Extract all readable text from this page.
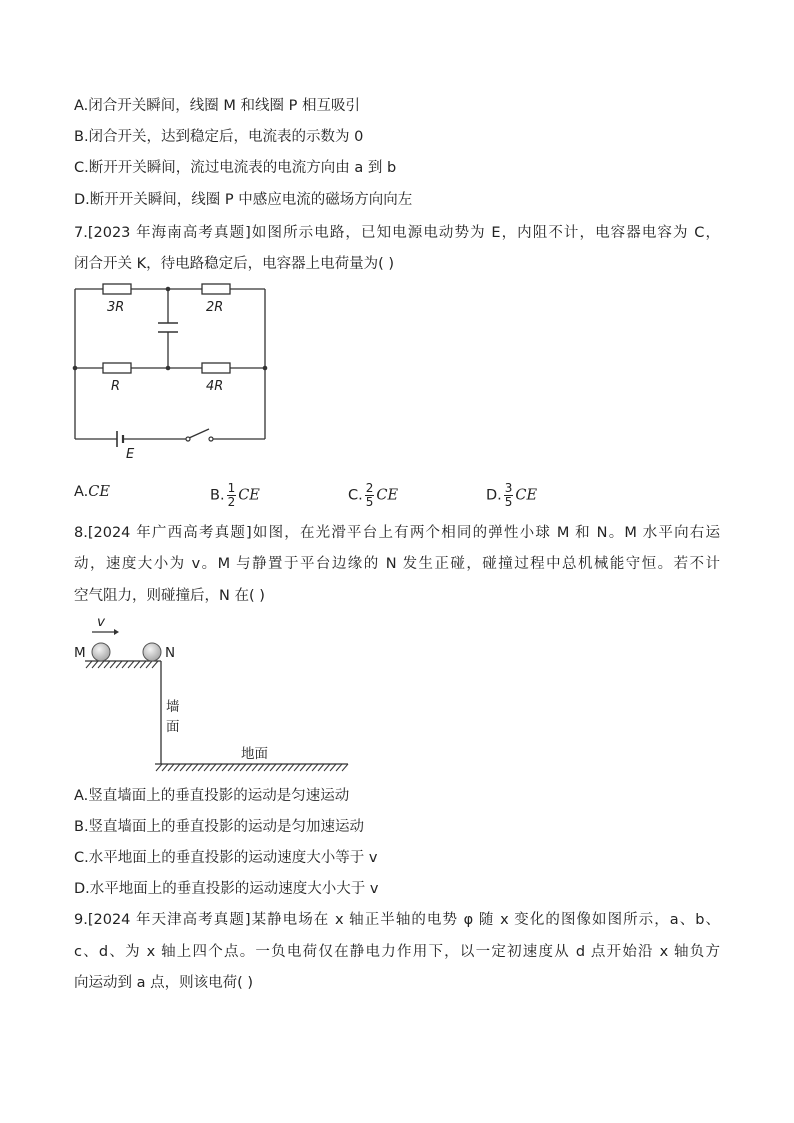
A.闭合开关瞬间，线圈 M 和线圈 P 相互吸引
B.闭合开关，达到稳定后，电流表的示数为 0
C.断开开关瞬间，流过电流表的电流方向由 a 到 b
D.断开开关瞬间，线圈 P 中感应电流的磁场方向向左
7.[2023 年海南高考真题]如图所示电路，已知电源电动势为 E，内阻不计，电容器电容为 C，
闭合开关 K，待电路稳定后，电容器上电荷量为( )
3R	2R
R	4R
E
A.CE	B. $\frac{1}{2}$ CE	C. $\frac{2}{5}$ CE	D. $\frac{3}{5}$ CE
8.[2024 年广西高考真题]如图，在光滑平台上有两个相同的弹性小球 M 和 N。M 水平向右运
动，速度大小为 v。M 与静置于平台边缘的 N 发生正碰，碰撞过程中总机械能守恒。若不计
空气阻力，则碰撞后，N 在( )
v
M	N
墙
面
地面
A.竖直墙面上的垂直投影的运动是匀速运动
B.竖直墙面上的垂直投影的运动是匀加速运动
C.水平地面上的垂直投影的运动速度大小等于 v
D.水平地面上的垂直投影的运动速度大小大于 v
9.[2024 年天津高考真题]某静电场在 x 轴正半轴的电势 φ 随 x 变化的图像如图所示，a、b、
c、d、为 x 轴上四个点。一负电荷仅在静电力作用下，以一定初速度从 d 点开始沿 x 轴负方
向运动到 a 点，则该电荷( )
